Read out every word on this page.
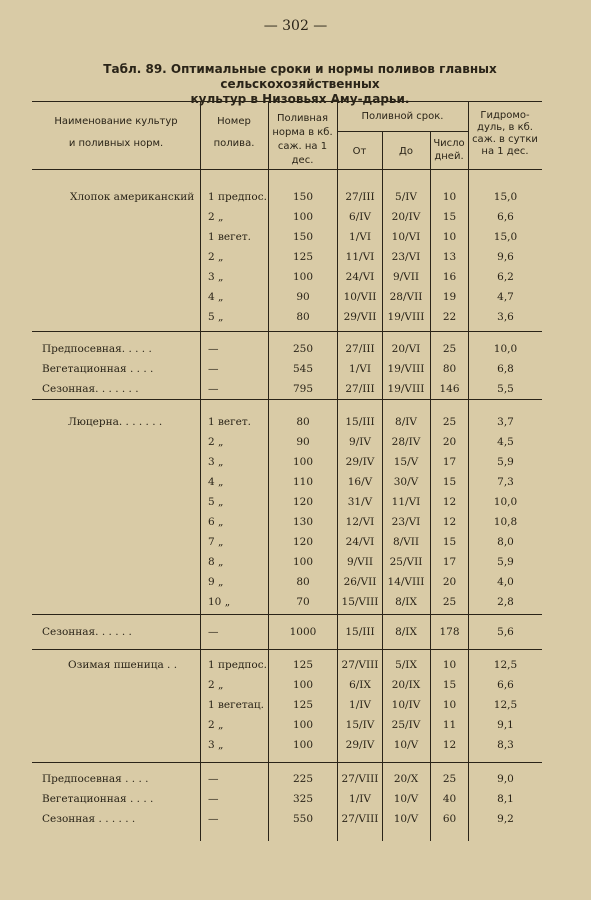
— 302 —
Табл. 89. Оптимальные сроки и нормы поливов главных сельскохозяйственных
культур в Низовьях Аму-дарьи.
Наименование культур
и поливных норм.
Номер
полива.
Поливная
норма в кб.
саж. на 1 дес.
Поливной срок.
От	До
Число
дней.
Гидромо-
дуль, в кб.
саж. в сутки
на 1 дес.
Хлопок американский	1 предпос.	150	27/III	5/IV	10	15,0
2 „	100	6/IV	20/IV	15	6,6
1 вегет.	150	1/VI	10/VI	10	15,0
2 „	125	11/VI	23/VI	13	9,6
3 „	100	24/VI	9/VII	16	6,2
4 „	90	10/VII	28/VII	19	4,7
5 „	80	29/VII	19/VIII	22	3,6
Предпосевная. . . . .	—	250	27/III	20/VI	25	10,0
Вегетационная . . . .	—	545	1/VI	19/VIII	80	6,8
Сезонная. . . . . . .	—	795	27/III	19/VIII	146	5,5
Люцерна. . . . . . .	1 вегет.	80	15/III	8/IV	25	3,7
2 „	90	9/IV	28/IV	20	4,5
3 „	100	29/IV	15/V	17	5,9
4 „	110	16/V	30/V	15	7,3
5 „	120	31/V	11/VI	12	10,0
6 „	130	12/VI	23/VI	12	10,8
7 „	120	24/VI	8/VII	15	8,0
8 „	100	9/VII	25/VII	17	5,9
9 „	80	26/VII	14/VIII	20	4,0
10 „	70	15/VIII	8/IX	25	2,8
Сезонная. . . . . .	—	1000	15/III	8/IX	178	5,6
Озимая пшеница . .	1 предпос.	125	27/VIII	5/IX	10	12,5
2 „	100	6/IX	20/IX	15	6,6
1 вегетац.	125	1/IV	10/IV	10	12,5
2 „	100	15/IV	25/IV	11	9,1
3 „	100	29/IV	10/V	12	8,3
Предпосевная . . . .	—	225	27/VIII	20/X	25	9,0
Вегетационная . . . .	—	325	1/IV	10/V	40	8,1
Сезонная . . . . . .	—	550	27/VIII	10/V	60	9,2
